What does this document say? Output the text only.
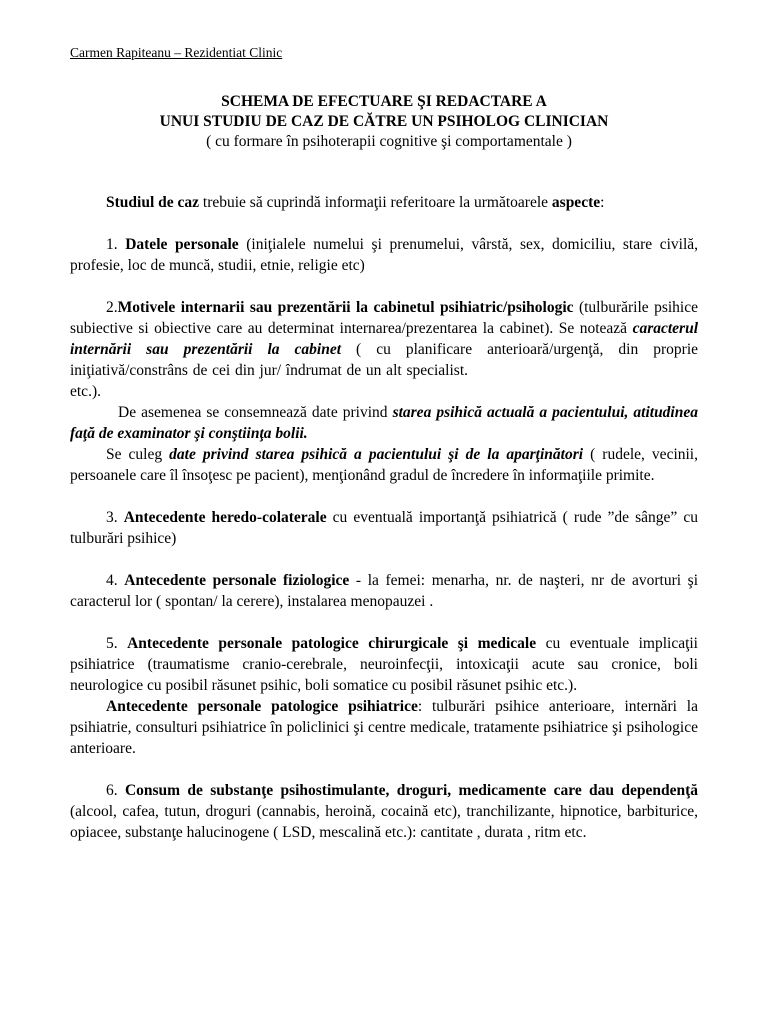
Carmen Rapiteanu – Rezidentiat Clinic
SCHEMA DE EFECTUARE ŞI REDACTARE A
UNUI STUDIU DE CAZ DE CĂTRE UN PSIHOLOG CLINICIAN
( cu formare în psihoterapii cognitive şi comportamentale )

Studiul de caz trebuie să cuprindă informaţii referitoare la următoarele aspecte:

1. Datele personale (iniţialele numelui şi prenumelui, vârstă, sex, domiciliu, stare civilă, profesie, loc de muncă, studii, etnie, religie etc)

2.Motivele internarii sau prezentării la cabinetul psihiatric/psihologic (tulburările psihice subiective si obiective care au determinat internarea/prezentarea la cabinet). Se notează caracterul internării sau prezentării la cabinet ( cu planificare anterioară/urgenţă, din proprie iniţiativă/constrâns de cei din jur/ îndrumat de un alt specialist.etc.).

De asemenea se consemnează date privind starea psihică actuală a pacientului, atitudinea faţă de examinator şi conştiinţa bolii.

Se culeg date privind starea psihică a pacientului şi de la aparţinători ( rudele, vecinii, persoanele care îl însoţesc pe pacient), menţionând gradul de încredere în informaţiile primite.

3. Antecedente heredo-colaterale cu eventuală importanţă psihiatrică ( rude ”de sânge” cu tulburări psihice)

4. Antecedente personale fiziologice - la femei: menarha, nr. de naşteri, nr de avorturi şi caracterul lor ( spontan/ la cerere), instalarea menopauzei .

5. Antecedente personale patologice chirurgicale şi medicale cu eventuale implicaţii psihiatrice (traumatisme cranio-cerebrale, neuroinfecţii, intoxicaţii acute sau cronice, boli neurologice cu posibil răsunet psihic, boli somatice cu posibil răsunet psihic etc.).

Antecedente personale patologice psihiatrice: tulburări psihice anterioare, internări la psihiatrie, consulturi psihiatrice în policlinici şi centre medicale, tratamente psihiatrice şi psihologice anterioare.

6. Consum de substanţe psihostimulante, droguri, medicamente care dau dependenţă (alcool, cafea, tutun, droguri (cannabis, heroină, cocaină etc), tranchilizante, hipnotice, barbiturice, opiacee, substanţe halucinogene ( LSD, mescalină etc.): cantitate , durata , ritm etc.
